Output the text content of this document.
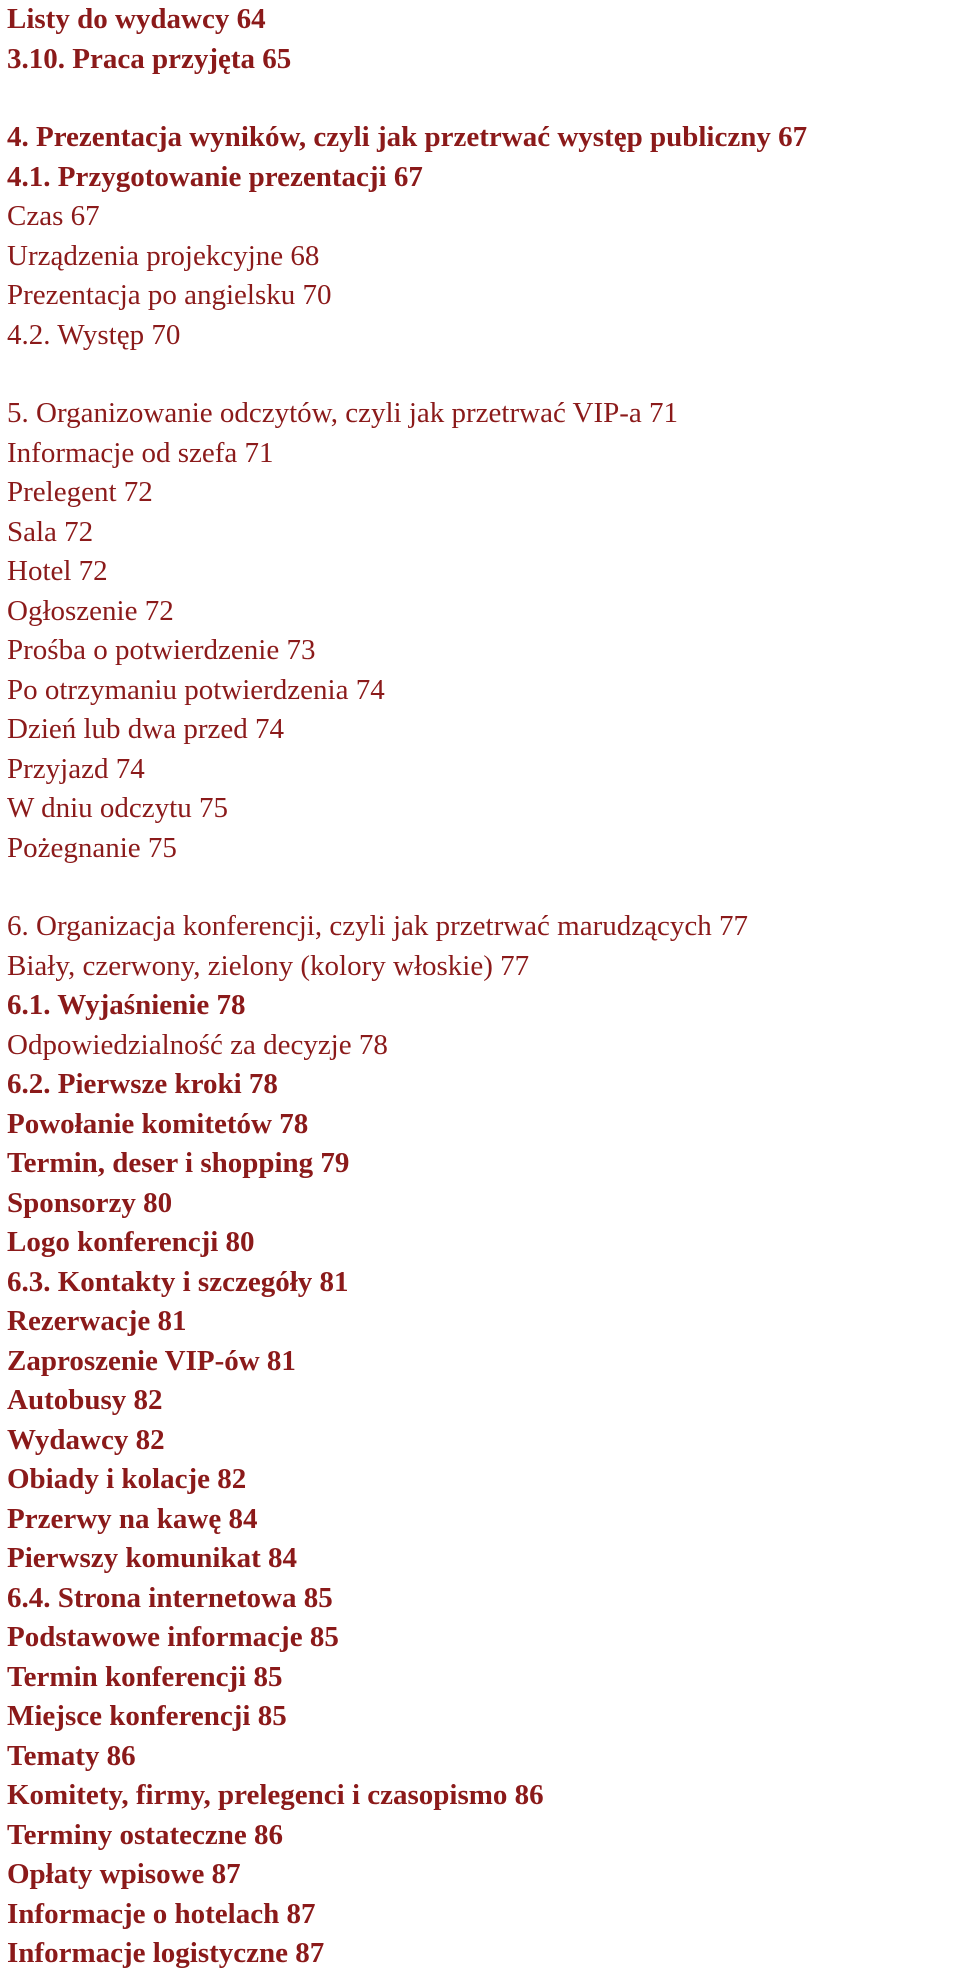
Listy do wydawcy 64
3.10. Praca przyjęta 65
4. Prezentacja wyników, czyli jak przetrwać występ publiczny 67
4.1. Przygotowanie prezentacji 67
Czas 67
Urządzenia projekcyjne 68
Prezentacja po angielsku 70
4.2. Występ 70
5. Organizowanie odczytów, czyli jak przetrwać VIP-a 71
Informacje od szefa 71
Prelegent 72
Sala 72
Hotel 72
Ogłoszenie 72
Prośba o potwierdzenie 73
Po otrzymaniu potwierdzenia 74
Dzień lub dwa przed 74
Przyjazd 74
W dniu odczytu 75
Pożegnanie 75
6. Organizacja konferencji, czyli jak przetrwać marudzących 77
Biały, czerwony, zielony (kolory włoskie) 77
6.1. Wyjaśnienie 78
Odpowiedzialność za decyzje 78
6.2. Pierwsze kroki 78
Powołanie komitetów 78
Termin, deser i shopping 79
Sponsorzy 80
Logo konferencji 80
6.3. Kontakty i szczegóły 81
Rezerwacje 81
Zaproszenie VIP-ów 81
Autobusy 82
Wydawcy 82
Obiady i kolacje 82
Przerwy na kawę 84
Pierwszy komunikat 84
6.4. Strona internetowa 85
Podstawowe informacje 85
Termin konferencji 85
Miejsce konferencji 85
Tematy 86
Komitety, firmy, prelegenci i czasopismo 86
Terminy ostateczne 86
Opłaty wpisowe 87
Informacje o hotelach 87
Informacje logistyczne 87
